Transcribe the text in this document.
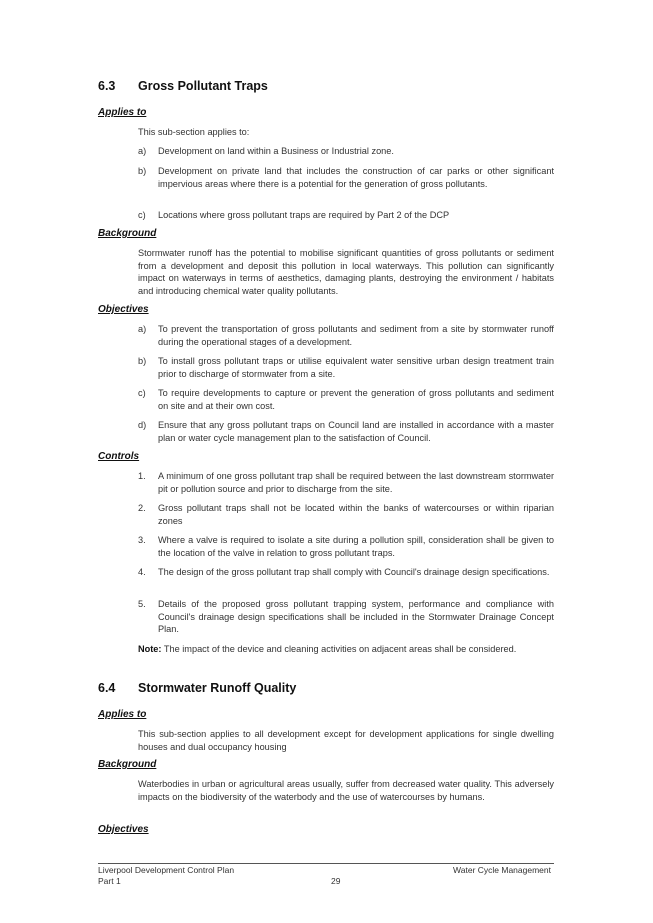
6.3 Gross Pollutant Traps
Applies to

This sub-section applies to:

a)	Development on land within a Business or Industrial zone.
b)	Development on private land that includes the construction of car parks or other significant impervious areas where there is a potential for the generation of gross pollutants.
c)	Locations where gross pollutant traps are required by Part 2 of the DCP
Background

Stormwater runoff has the potential to mobilise significant quantities of gross pollutants or sediment from a development and deposit this pollution in local waterways. This pollution can significantly impact on waterways in terms of aesthetics, damaging plants, destroying the environment / habitats and introducing chemical water quality pollutants.

Objectives
a)	To prevent the transportation of gross pollutants and sediment from a site by stormwater runoff during the operational stages of a development.
b)	To install gross pollutant traps or utilise equivalent water sensitive urban design treatment train prior to discharge of stormwater from a site.
c)	To require developments to capture or prevent the generation of gross pollutants and sediment on site and at their own cost.
d)	Ensure that any gross pollutant traps on Council land are installed in accordance with a master plan or water cycle management plan to the satisfaction of Council.
Controls
1.	A minimum of one gross pollutant trap shall be required between the last downstream stormwater pit or pollution source and prior to discharge from the site.
2.	Gross pollutant traps shall not be located within the banks of watercourses or within riparian zones
3.	Where a valve is required to isolate a site during a pollution spill, consideration shall be given to the location of the valve in relation to gross pollutant traps.
4.	The design of the gross pollutant trap shall comply with Council's drainage design specifications.
5.	Details of the proposed gross pollutant trapping system, performance and compliance with Council's drainage design specifications shall be included in the Stormwater Drainage Concept Plan.

Note: The impact of the device and cleaning activities on adjacent areas shall be considered.

6.4 Stormwater Runoff Quality
Applies to

This sub-section applies to all development except for development applications for single dwelling houses and dual occupancy housing

Background

Waterbodies in urban or agricultural areas usually, suffer from decreased water quality. This adversely impacts on the biodiversity of the waterbody and the use of watercourses by humans.

Objectives

Liverpool Development Control Plan

Part 1	29

Water Cycle Management
